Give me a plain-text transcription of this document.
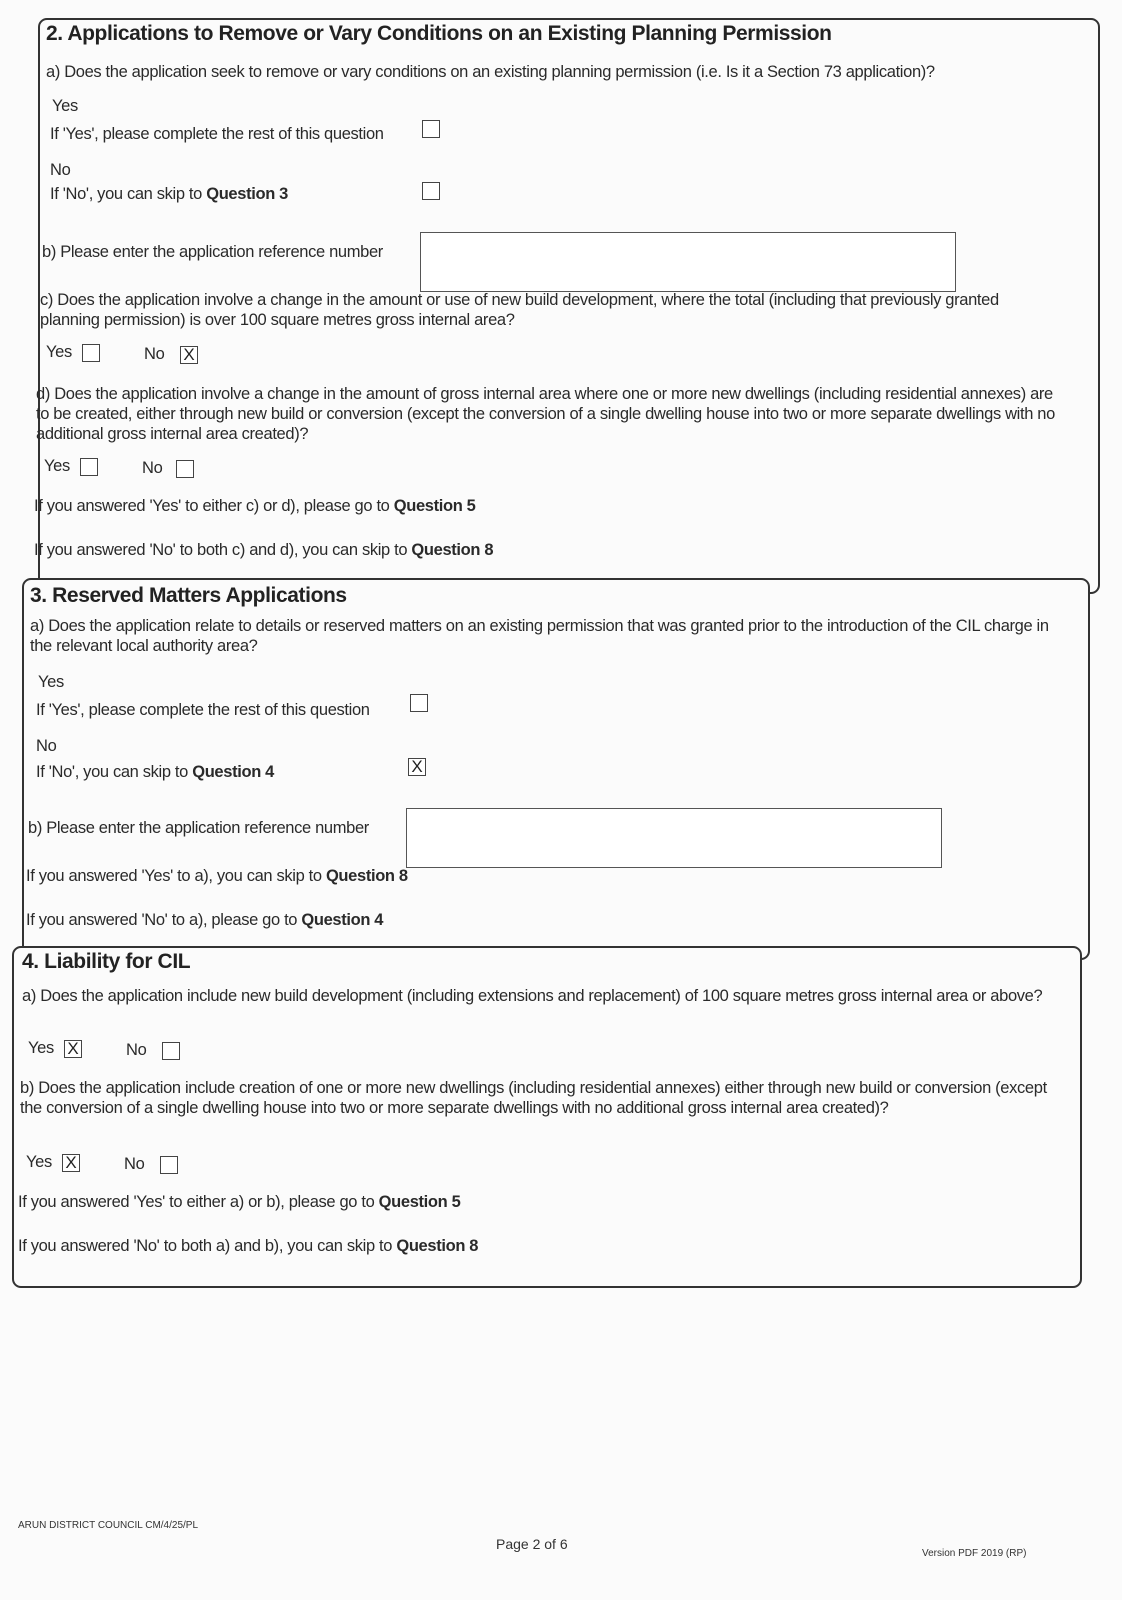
2. Applications to Remove or Vary Conditions on an Existing Planning Permission
a) Does the application seek to remove or vary conditions on an existing planning permission (i.e. Is it a Section 73 application)?
Yes
If 'Yes', please complete the rest of this question
No
If 'No', you can skip to Question 3
b) Please enter the application reference number
c) Does the application involve a change in the amount or use of new build development, where the total (including that previously granted planning permission) is over 100 square metres gross internal area?
Yes	No X
d) Does the application involve a change in the amount of gross internal area where one or more new dwellings (including residential annexes) are to be created, either through new build or conversion (except the conversion of a single dwelling house into two or more separate dwellings with no additional gross internal area created)?
Yes	No
If you answered 'Yes' to either c) or d), please go to Question 5
If you answered 'No' to both c) and d), you can skip to Question 8
3. Reserved Matters Applications
a) Does the application relate to details or reserved matters on an existing permission that was granted prior to the introduction of the CIL charge in the relevant local authority area?
Yes
If 'Yes', please complete the rest of this question
No
If 'No', you can skip to Question 4	X
b) Please enter the application reference number
If you answered 'Yes' to a), you can skip to Question 8
If you answered 'No' to a), please go to Question 4
4. Liability for CIL
a) Does the application include new build development (including extensions and replacement) of 100 square metres gross internal area or above?
Yes X	No
b) Does the application include creation of one or more new dwellings (including residential annexes) either through new build or conversion (except the conversion of a single dwelling house into two or more separate dwellings with no additional gross internal area created)?
Yes X	No
If you answered 'Yes' to either a) or b), please go to Question 5
If you answered 'No' to both a) and b), you can skip to Question 8
ARUN DISTRICT COUNCIL CM/4/25/PL
Page 2 of 6
Version PDF 2019 (RP)
